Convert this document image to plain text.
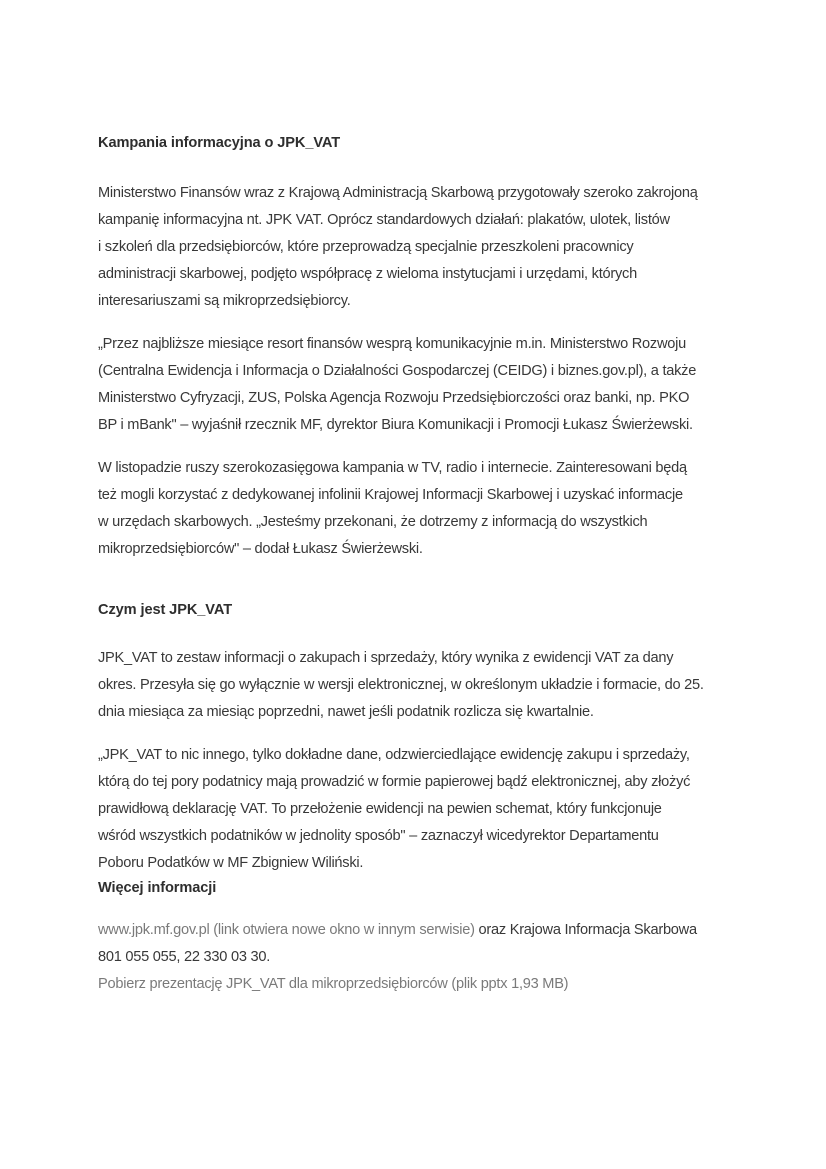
Kampania informacyjna o JPK_VAT

Ministerstwo Finansów wraz z Krajową Administracją Skarbową przygotowały szeroko zakrojoną
kampanię informacyjna nt. JPK VAT. Oprócz standardowych działań: plakatów, ulotek, listów
i szkoleń dla przedsiębiorców, które przeprowadzą specjalnie przeszkoleni pracownicy
administracji skarbowej, podjęto współpracę z wieloma instytucjami i urzędami, których
interesariuszami są mikroprzedsiębiorcy.

„Przez najbliższe miesiące resort finansów wesprą komunikacyjnie m.in. Ministerstwo Rozwoju
(Centralna Ewidencja i Informacja o Działalności Gospodarczej (CEIDG) i biznes.gov.pl), a także
Ministerstwo Cyfryzacji, ZUS, Polska Agencja Rozwoju Przedsiębiorczości oraz banki, np. PKO
BP i mBank" – wyjaśnił rzecznik MF, dyrektor Biura Komunikacji i Promocji Łukasz Świerżewski.

W listopadzie ruszy szerokozasięgowa kampania w TV, radio i internecie. Zainteresowani będą
też mogli korzystać z dedykowanej infolinii Krajowej Informacji Skarbowej i uzyskać informacje
w urzędach skarbowych. „Jesteśmy przekonani, że dotrzemy z informacją do wszystkich
mikroprzedsiębiorców" – dodał Łukasz Świerżewski.

Czym jest JPK_VAT

JPK_VAT to zestaw informacji o zakupach i sprzedaży, który wynika z ewidencji VAT za dany
okres. Przesyła się go wyłącznie w wersji elektronicznej, w określonym układzie i formacie, do 25.
dnia miesiąca za miesiąc poprzedni, nawet jeśli podatnik rozlicza się kwartalnie.

„JPK_VAT to nic innego, tylko dokładne dane, odzwierciedlające ewidencję zakupu i sprzedaży,
którą do tej pory podatnicy mają prowadzić w formie papierowej bądź elektronicznej, aby złożyć
prawidłową deklarację VAT. To przełożenie ewidencji na pewien schemat, który funkcjonuje
wśród wszystkich podatników w jednolity sposób" – zaznaczył wicedyrektor Departamentu
Poboru Podatków w MF Zbigniew Wiliński.

Więcej informacji

www.jpk.mf.gov.pl (link otwiera nowe okno w innym serwisie) oraz Krajowa Informacja Skarbowa
801 055 055, 22 330 03 30.
Pobierz prezentację JPK_VAT dla mikroprzedsiębiorców (plik pptx 1,93 MB)
